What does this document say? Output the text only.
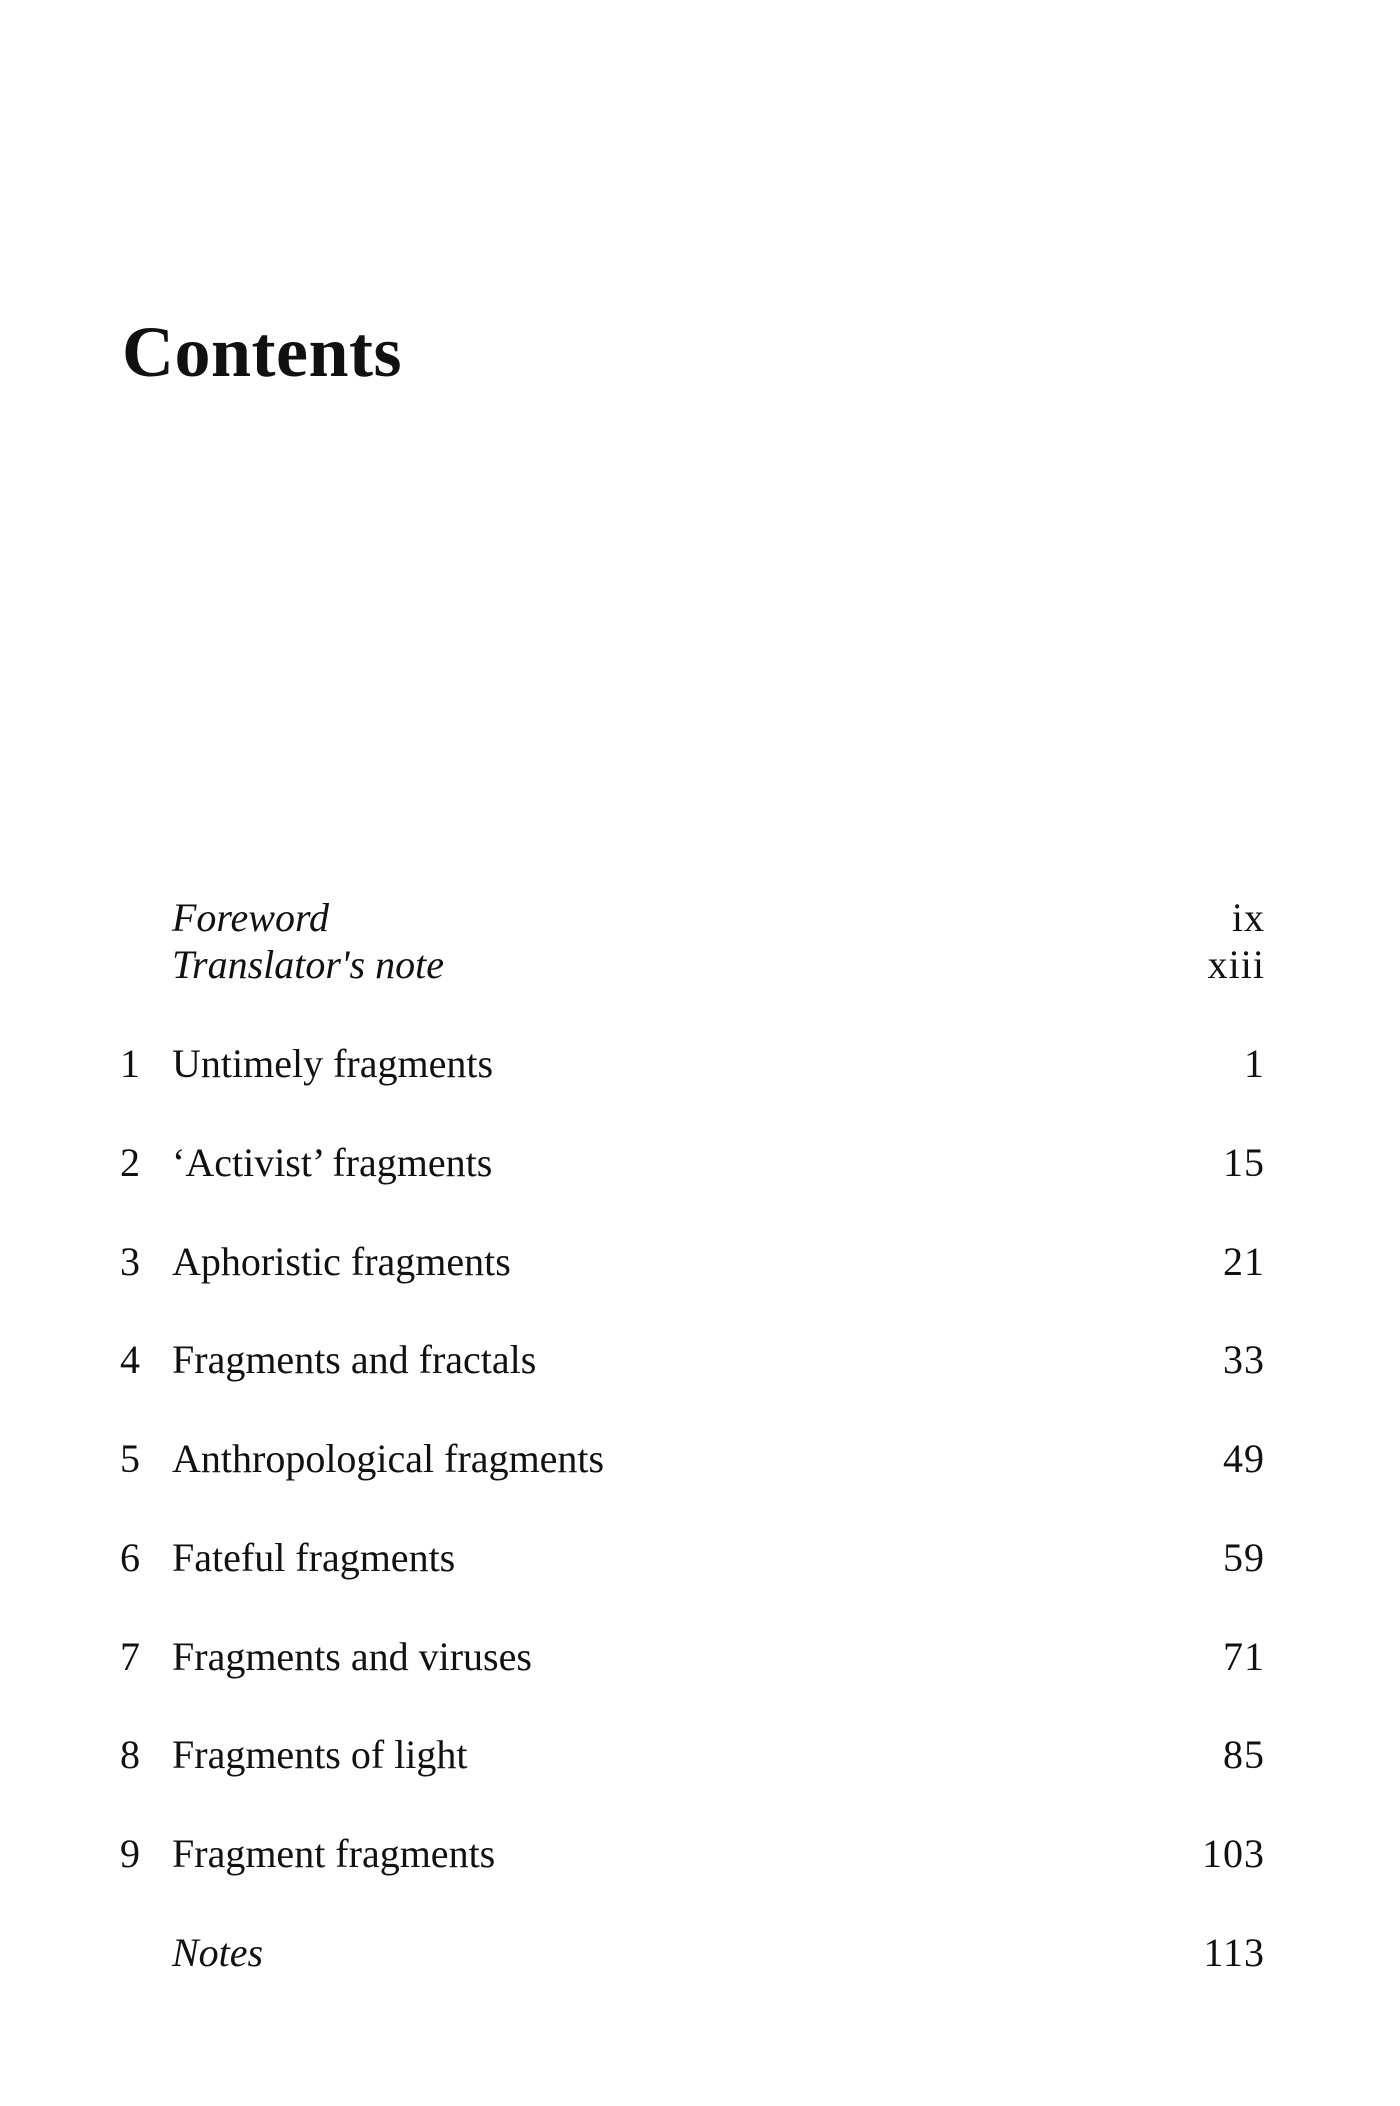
Contents
Foreword	ix
Translator's note	xiii
1 Untimely fragments	1
2 ‘Activist’ fragments	15
3 Aphoristic fragments	21
4 Fragments and fractals	33
5 Anthropological fragments	49
6 Fateful fragments	59
7 Fragments and viruses	71
8 Fragments of light	85
9 Fragment fragments	103
Notes	113
